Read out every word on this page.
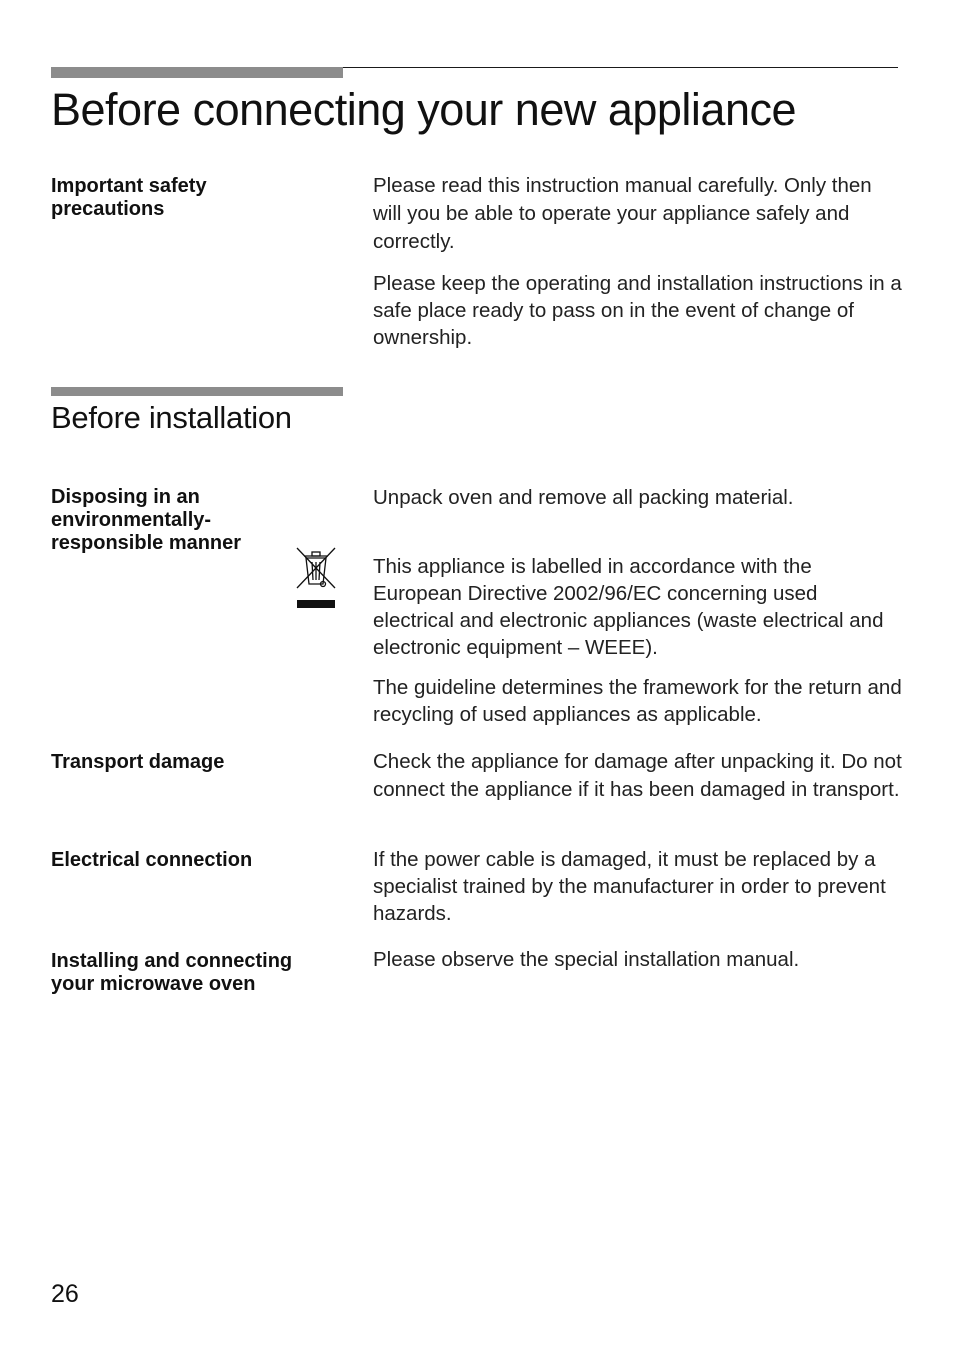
Before connecting your new appliance
Important safety precautions

Please read this instruction manual carefully. Only then will you be able to operate your appliance safely and correctly.

Please keep the operating and installation instructions in a safe place ready to pass on in the event of change of ownership.

Before installation
Disposing in an environmentally-responsible manner

Unpack oven and remove all packing material.

This appliance is labelled in accordance with the European Directive 2002/96/EC concerning used electrical and electronic appliances (waste electrical and electronic equipment – WEEE).

The guideline determines the framework for the return and recycling of used appliances as applicable.

Transport damage	Check the appliance for damage after unpacking it. Do not connect the appliance if it has been damaged in transport.

Electrical connection	If the power cable is damaged, it must be replaced by a specialist trained by the manufacturer in order to prevent hazards.

Installing and connecting your microwave oven

Please observe the special installation manual.

26
